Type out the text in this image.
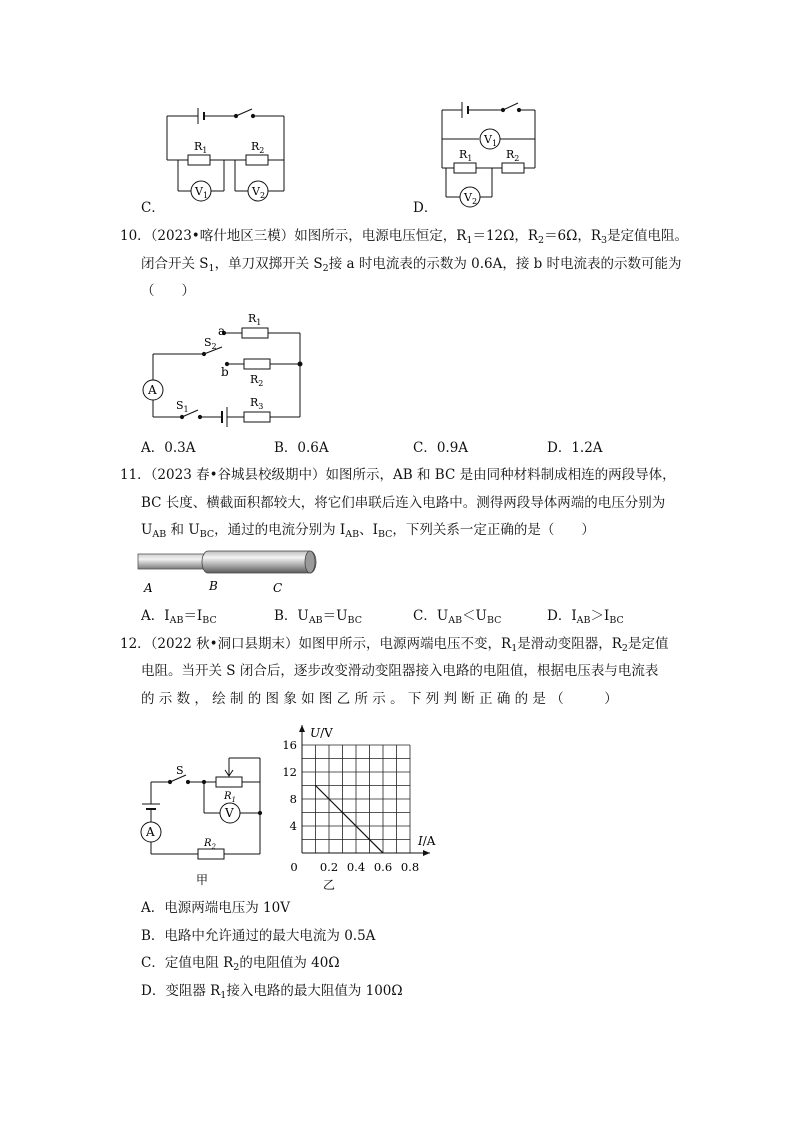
$R_1$	$R_2$
$V_1$	$V_2$
C．
$V_1$
$R_1$	$R_2$
$V_2$
D．
10．（2023•喀什地区三模）如图所示，电源电压恒定，$R_1=12\Omega$，$R_2=6\Omega$，$R_3$是定值电阻。
闭合开关 $S_1$，单刀双掷开关 $S_2$接 a 时电流表的示数为 0.6A，接 b 时电流表的示数可能为
（　　）
$R_1$
a
$S_2$
b
$R_2$
A
$S_1$
$R_3$
A．0.3A	B．0.6A	C．0.9A	D．1.2A
11．（2023 春•谷城县校级期中）如图所示，AB 和 BC 是由同种材料制成相连的两段导体，
BC 长度、横截面积都较大，将它们串联后连入电路中。测得两段导体两端的电压分别为
$U_{AB}$ 和 $U_{BC}$，通过的电流分别为 $I_{AB}$、$I_{BC}$，下列关系一定正确的是（　　）
A	B	C
A．$I_{AB}=I_{BC}$	B．$U_{AB}=U_{BC}$	C．$U_{AB}<U_{BC}$	D．$I_{AB}>I_{BC}$
12．（2022 秋•洞口县期末）如图甲所示，电源两端电压不变，$R_1$是滑动变阻器，$R_2$是定值
电阻。当开关 S 闭合后，逐步改变滑动变阻器接入电路的电阻值，根据电压表与电流表
的 示 数 ， 绘 制 的 图 象 如 图 乙 所 示 。 下 列 判 断 正 确 的 是 （　　　）
S
$R_1$
V
A
$R_2$
甲
0.2 0.4 0.6 0.8
4
8
12
16
0
U/V
I/A
乙
A．电源两端电压为 10V
B．电路中允许通过的最大电流为 0.5A
C．定值电阻 $R_2$的电阻值为 40Ω
D．变阻器 $R_1$接入电路的最大阻值为 100Ω
